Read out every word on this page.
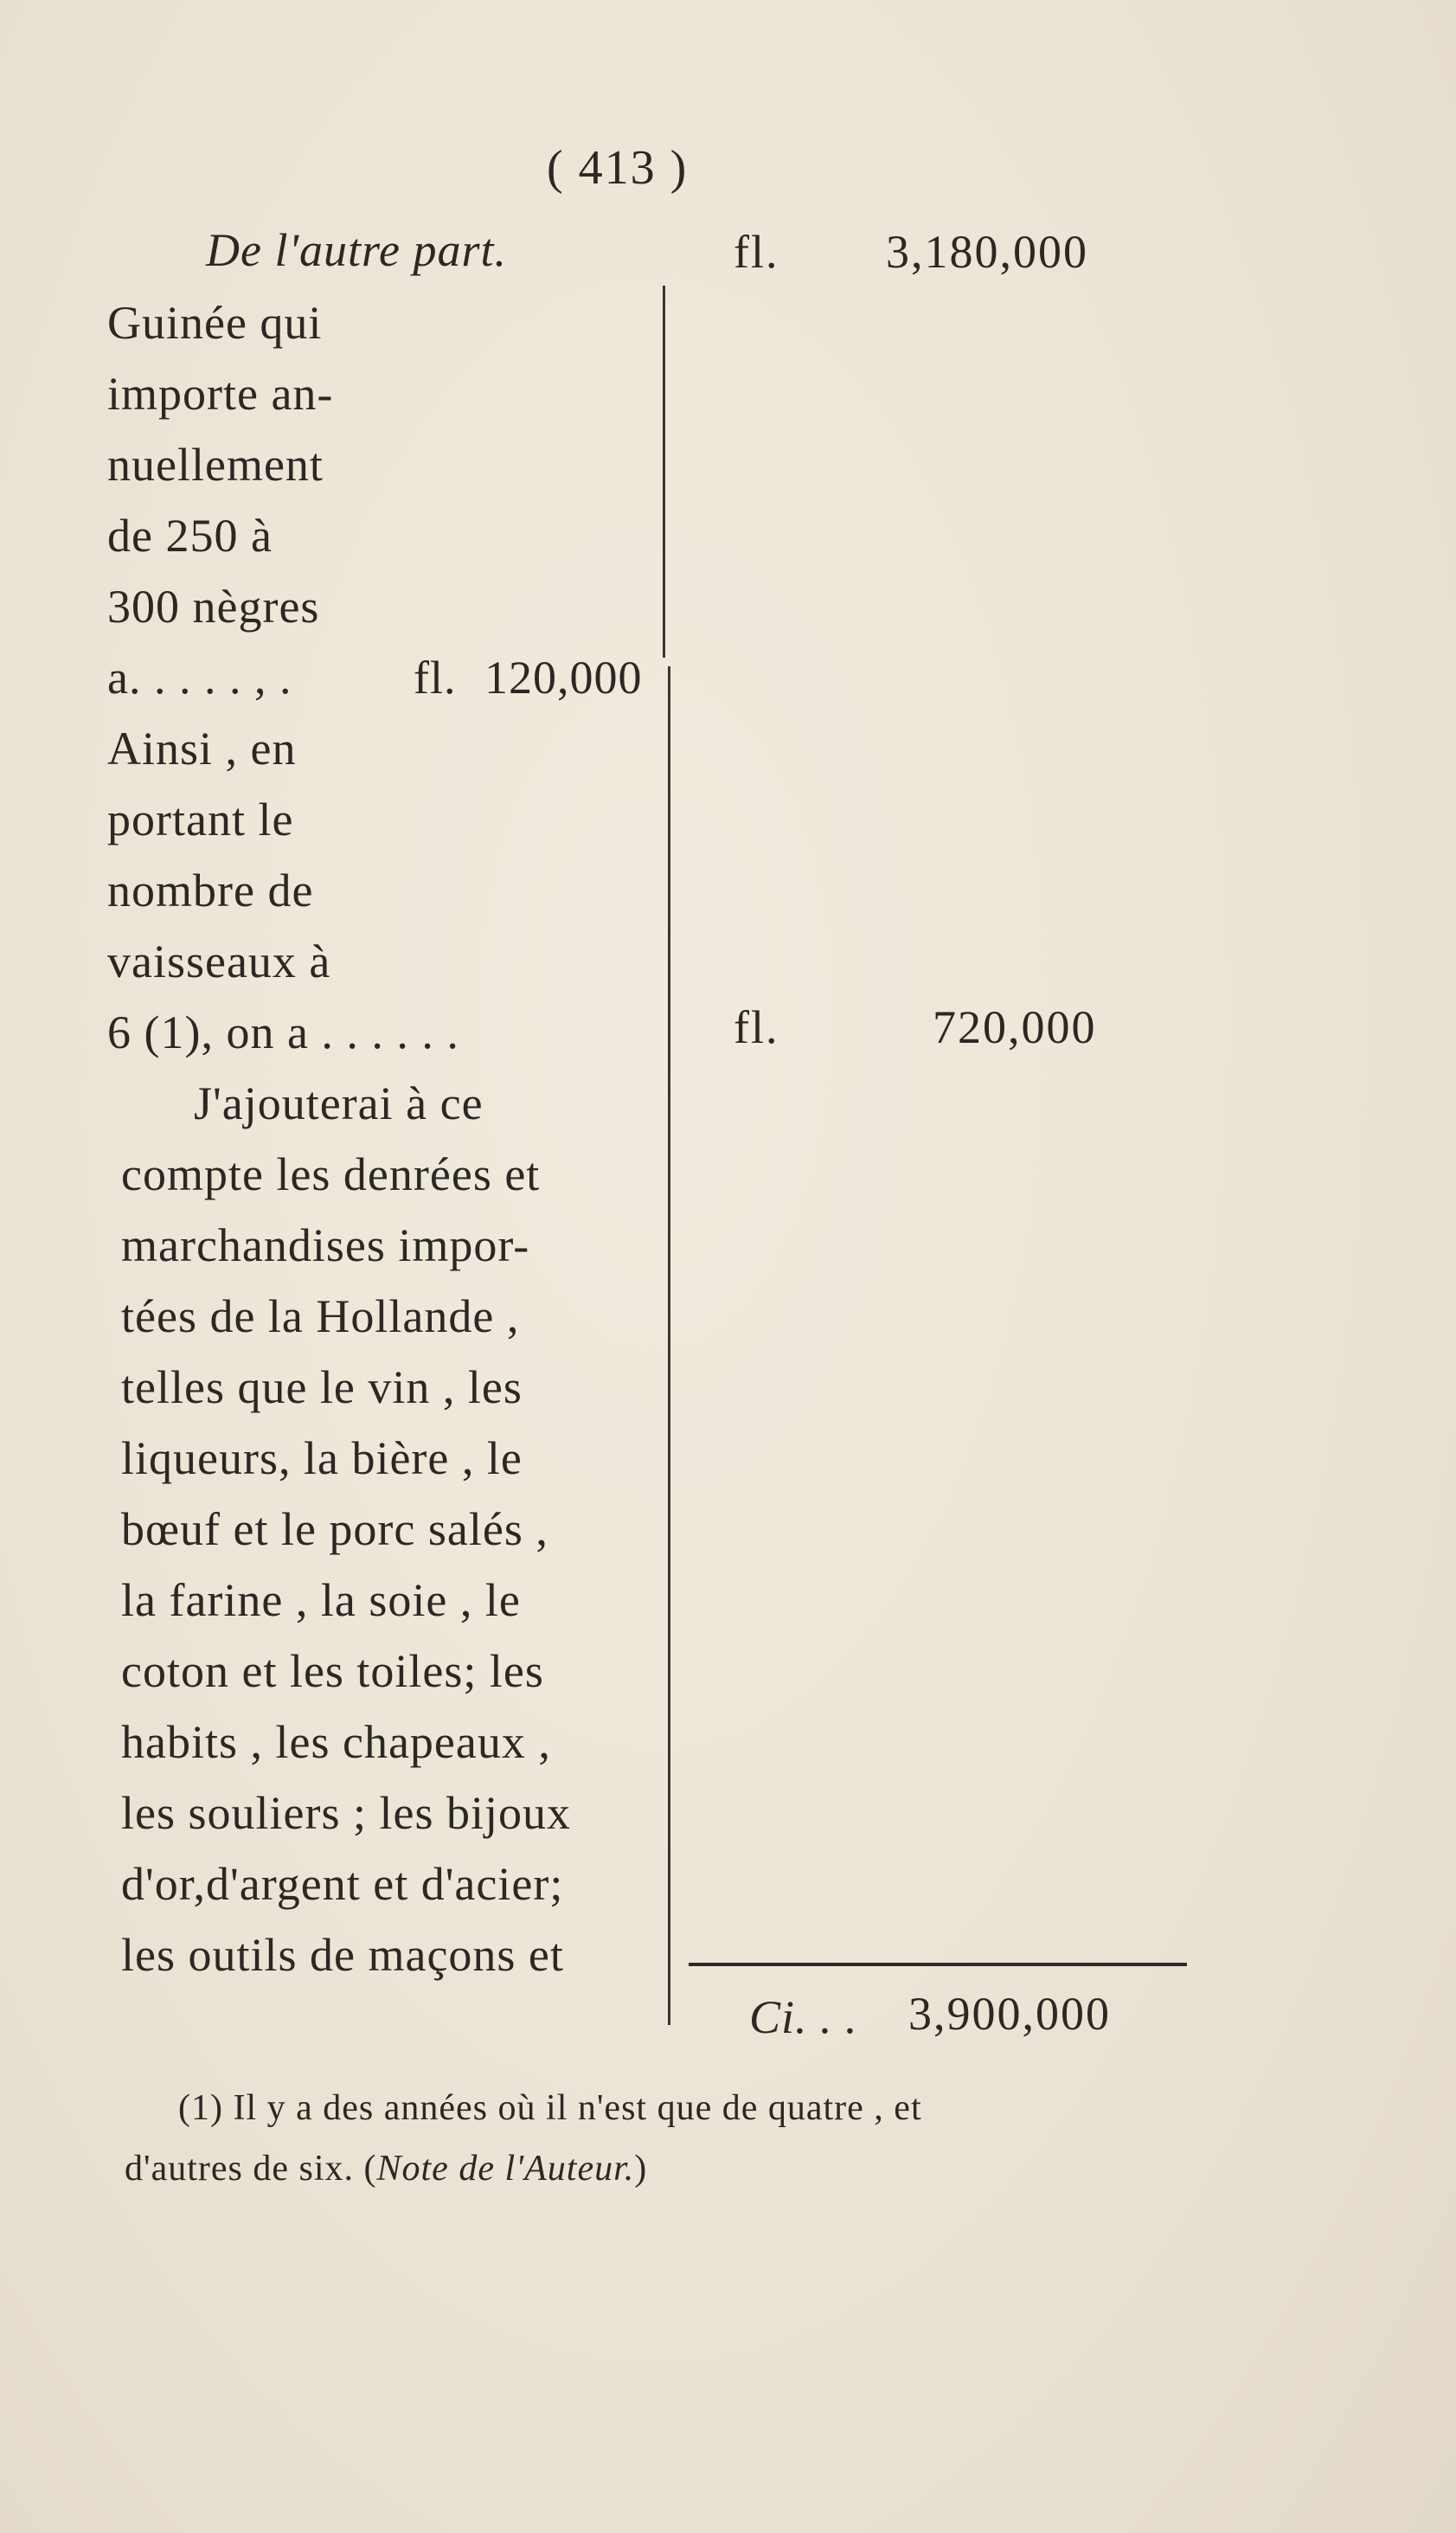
( 413 )
De l'autre part.	fl. 3,180,000
Guinée qui
importe an-
nuellement
de 250 à
300 nègres
a. . . . . , .	fl. 120,000
Ainsi , en
portant le
nombre de
vaisseaux à
6 (1), on a . . . . . .	fl.	720,000
J'ajouterai à ce
compte les denrées et
marchandises impor-
tées de la Hollande ,
telles que le vin , les
liqueurs, la bière , le
bœuf et le porc salés ,
la farine , la soie , le
coton et les toiles; les
habits , les chapeaux ,
les souliers ; les bijoux
d'or,d'argent et d'acier;
les outils de maçons et
Ci. . . 3,900,000
(1) Il y a des années où il n'est que de quatre , et
d'autres de six. (Note de l'Auteur.)
